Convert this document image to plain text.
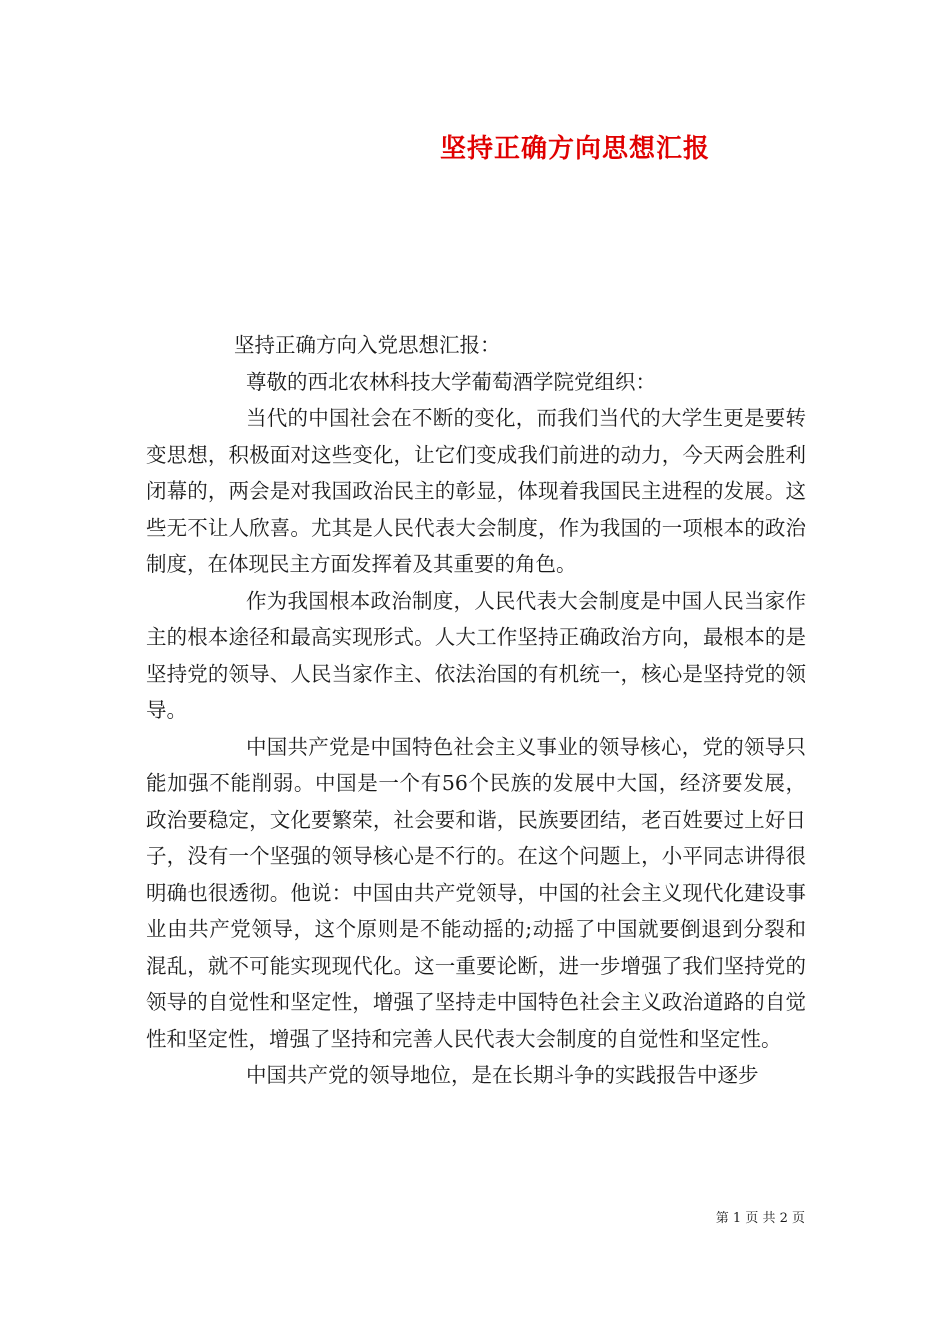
坚持正确方向思想汇报

坚持正确方向入党思想汇报：

尊敬的西北农林科技大学葡萄酒学院党组织：

当代的中国社会在不断的变化，而我们当代的大学生更是要转变思想，积极面对这些变化，让它们变成我们前进的动力，今天两会胜利闭幕的，两会是对我国政治民主的彰显，体现着我国民主进程的发展。这些无不让人欣喜。尤其是人民代表大会制度，作为我国的一项根本的政治制度，在体现民主方面发挥着及其重要的角色。

作为我国根本政治制度，人民代表大会制度是中国人民当家作主的根本途径和最高实现形式。人大工作坚持正确政治方向，最根本的是坚持党的领导、人民当家作主、依法治国的有机统一，核心是坚持党的领导。

中国共产党是中国特色社会主义事业的领导核心，党的领导只能加强不能削弱。中国是一个有56个民族的发展中大国，经济要发展，政治要稳定，文化要繁荣，社会要和谐，民族要团结，老百姓要过上好日子，没有一个坚强的领导核心是不行的。在这个问题上，小平同志讲得很明确也很透彻。他说：中国由共产党领导，中国的社会主义现代化建设事业由共产党领导，这个原则是不能动摇的;动摇了中国就要倒退到分裂和混乱，就不可能实现现代化。这一重要论断，进一步增强了我们坚持党的领导的自觉性和坚定性，增强了坚持走中国特色社会主义政治道路的自觉性和坚定性，增强了坚持和完善人民代表大会制度的自觉性和坚定性。

中国共产党的领导地位，是在长期斗争的实践报告中逐步

第 1 页 共 2 页
